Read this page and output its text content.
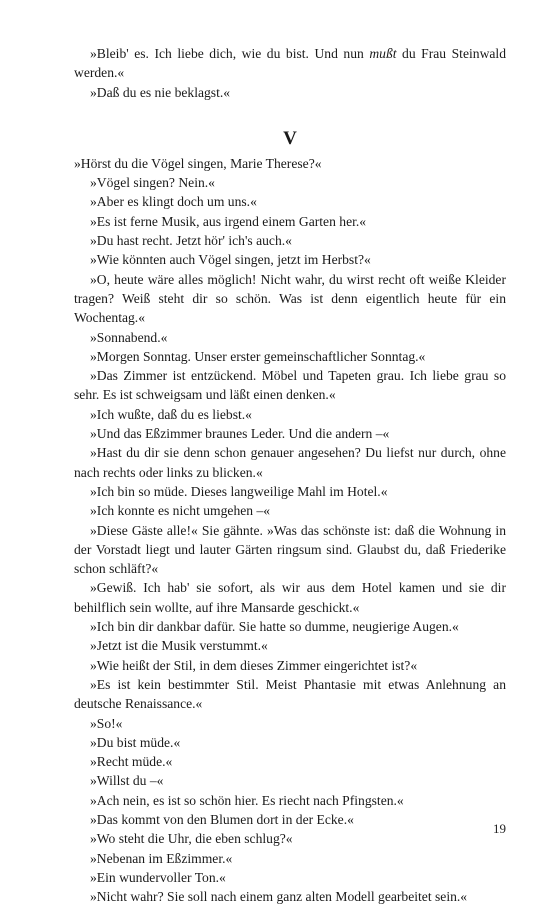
»Bleib' es. Ich liebe dich, wie du bist. Und nun mußt du Frau Steinwald werden.«

»Daß du es nie beklagst.«

V

»Hörst du die Vögel singen, Marie Therese?«

»Vögel singen? Nein.«

»Aber es klingt doch um uns.«

»Es ist ferne Musik, aus irgend einem Garten her.«

»Du hast recht. Jetzt hör' ich's auch.«

»Wie könnten auch Vögel singen, jetzt im Herbst?«

»O, heute wäre alles möglich! Nicht wahr, du wirst recht oft weiße Kleider tragen? Weiß steht dir so schön. Was ist denn eigentlich heute für ein Wochentag.«

»Sonnabend.«

»Morgen Sonntag. Unser erster gemeinschaftlicher Sonntag.«

»Das Zimmer ist entzückend. Möbel und Tapeten grau. Ich liebe grau so sehr. Es ist schweigsam und läßt einen denken.«

»Ich wußte, daß du es liebst.«

»Und das Eßzimmer braunes Leder. Und die andern –«

»Hast du dir sie denn schon genauer angesehen? Du liefst nur durch, ohne nach rechts oder links zu blicken.«

»Ich bin so müde. Dieses langweilige Mahl im Hotel.«

»Ich konnte es nicht umgehen –«

»Diese Gäste alle!« Sie gähnte. »Was das schönste ist: daß die Wohnung in der Vorstadt liegt und lauter Gärten ringsum sind. Glaubst du, daß Friederike schon schläft?«

»Gewiß. Ich hab' sie sofort, als wir aus dem Hotel kamen und sie dir behilflich sein wollte, auf ihre Mansarde geschickt.«

»Ich bin dir dankbar dafür. Sie hatte so dumme, neugierige Augen.«

»Jetzt ist die Musik verstummt.«

»Wie heißt der Stil, in dem dieses Zimmer eingerichtet ist?«

»Es ist kein bestimmter Stil. Meist Phantasie mit etwas Anlehnung an deutsche Renaissance.«

»So!«

»Du bist müde.«

»Recht müde.«

»Willst du –«

»Ach nein, es ist so schön hier. Es riecht nach Pfingsten.«

»Das kommt von den Blumen dort in der Ecke.«

»Wo steht die Uhr, die eben schlug?«

»Nebenan im Eßzimmer.«

»Ein wundervoller Ton.«

»Nicht wahr? Sie soll nach einem ganz alten Modell gearbeitet sein.«

19
